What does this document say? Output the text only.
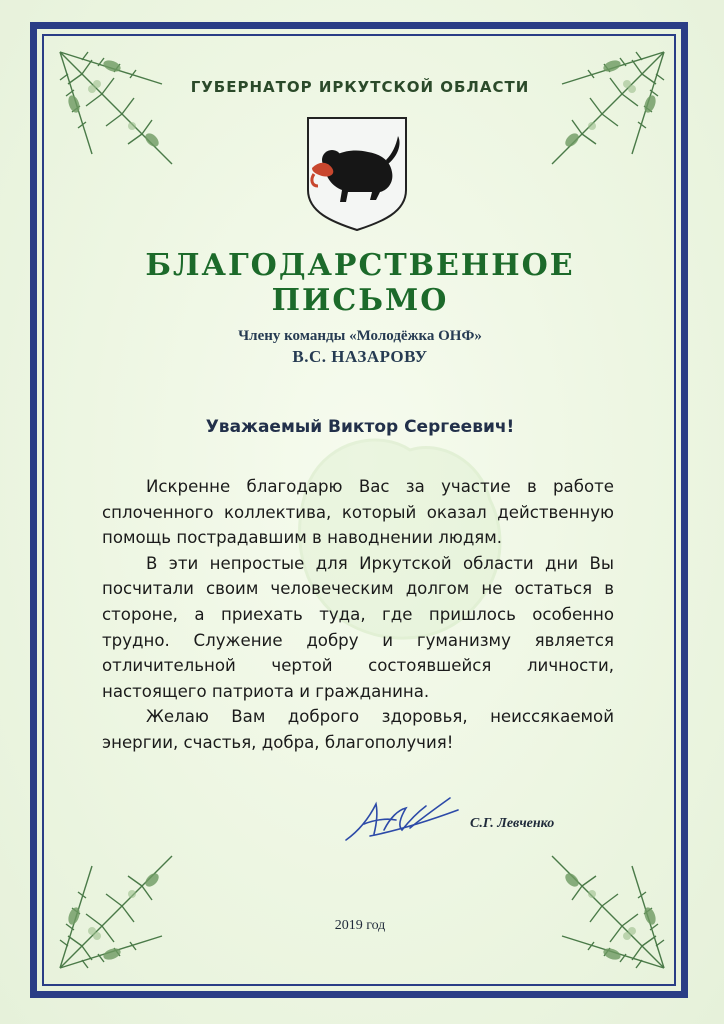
ГУБЕРНАТОР ИРКУТСКОЙ ОБЛАСТИ
БЛАГОДАРСТВЕННОЕ ПИСЬМО
Члену команды «Молодёжка ОНФ»
В.С. НАЗАРОВУ
Уважаемый Виктор Сергеевич!

Искренне благодарю Вас за участие в работе сплоченного коллектива, который оказал действенную помощь пострадавшим в наводнении людям.

В эти непростые для Иркутской области дни Вы посчитали своим человеческим долгом не остаться в стороне, а приехать туда, где пришлось особенно трудно. Служение добру и гуманизму является отличительной чертой состоявшейся личности, настоящего патриота и гражданина.

Желаю Вам доброго здоровья, неиссякаемой энергии, счастья, добра, благополучия!

С.Г. Левченко
2019 год
